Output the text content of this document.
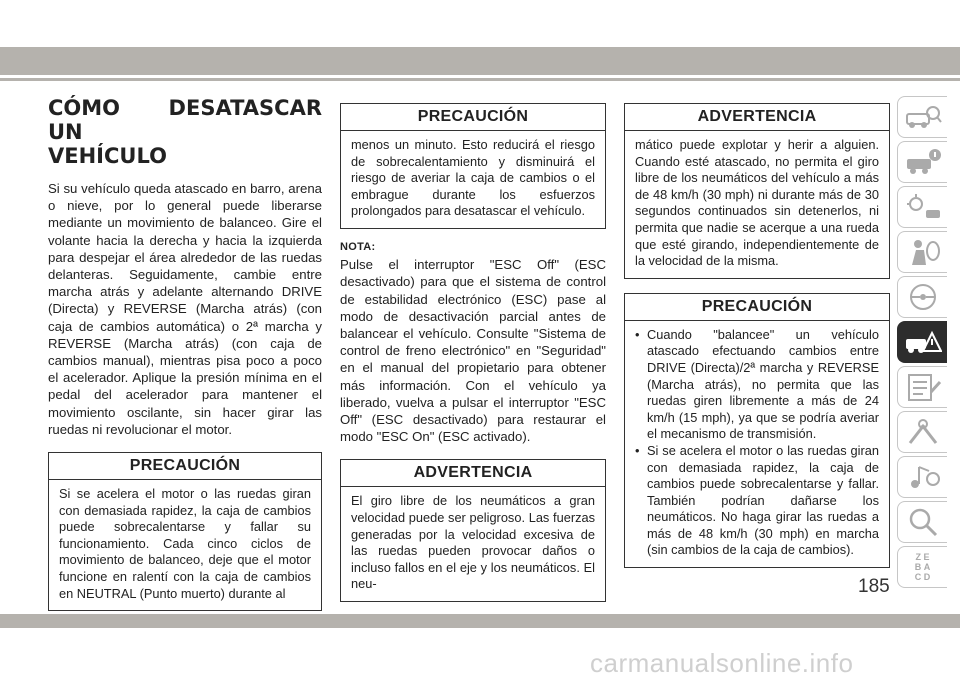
CÓMO DESATASCAR UN
VEHÍCULO

Si su vehículo queda atascado en barro, arena o nieve, por lo general puede liberarse mediante un movimiento de balanceo. Gire el volante hacia la derecha y hacia la izquierda para despejar el área alrededor de las ruedas delanteras. Seguidamente, cambie entre marcha atrás y adelante alternando DRIVE (Directa) y REVERSE (Marcha atrás) (con caja de cambios automática) o 2ª marcha y REVERSE (Marcha atrás) (con caja de cambios manual), mientras pisa poco a poco el acelerador. Aplique la presión mínima en el pedal del acelerador para mantener el movimiento oscilante, sin hacer girar las ruedas ni revolucionar el motor.

PRECAUCIÓN
Si se acelera el motor o las ruedas giran con demasiada rapidez, la caja de cambios puede sobrecalentarse y fallar su funcionamiento. Cada cinco ciclos de movimiento de balanceo, deje que el motor funcione en ralentí con la caja de cambios en NEUTRAL (Punto muerto) durante al
PRECAUCIÓN
menos un minuto. Esto reducirá el riesgo de sobrecalentamiento y disminuirá el riesgo de averiar la caja de cambios o el embrague durante los esfuerzos prolongados para desatascar el vehículo.
NOTA:

Pulse el interruptor "ESC Off" (ESC desactivado) para que el sistema de control de estabilidad electrónico (ESC) pase al modo de desactivación parcial antes de balancear el vehículo. Consulte "Sistema de control de freno electrónico" en "Seguridad" en el manual del propietario para obtener más información. Con el vehículo ya liberado, vuelva a pulsar el interruptor "ESC Off" (ESC desactivado) para restaurar el modo "ESC On" (ESC activado).

ADVERTENCIA
El giro libre de los neumáticos a gran velocidad puede ser peligroso. Las fuerzas generadas por la velocidad excesiva de las ruedas pueden provocar daños o incluso fallos en el eje y los neumáticos. El neu-
ADVERTENCIA
mático puede explotar y herir a alguien. Cuando esté atascado, no permita el giro libre de los neumáticos del vehículo a más de 48 km/h (30 mph) ni durante más de 30 segundos continuados sin detenerlos, ni permita que nadie se acerque a una rueda que esté girando, independientemente de la velocidad de la misma.
PRECAUCIÓN
• Cuando "balancee" un vehículo atascado efectuando cambios entre DRIVE (Directa)/2ª marcha y REVERSE (Marcha atrás), no permita que las ruedas giren libremente a más de 24 km/h (15 mph), ya que se podría averiar el mecanismo de transmisión.
• Si se acelera el motor o las ruedas giran con demasiada rapidez, la caja de cambios puede sobrecalentarse y fallar. También podrían dañarse los neumáticos. No haga girar las ruedas a más de 48 km/h (30 mph) en marcha (sin cambios de la caja de cambios).	Z E
B A
C D
185
carmanualsonline.info
